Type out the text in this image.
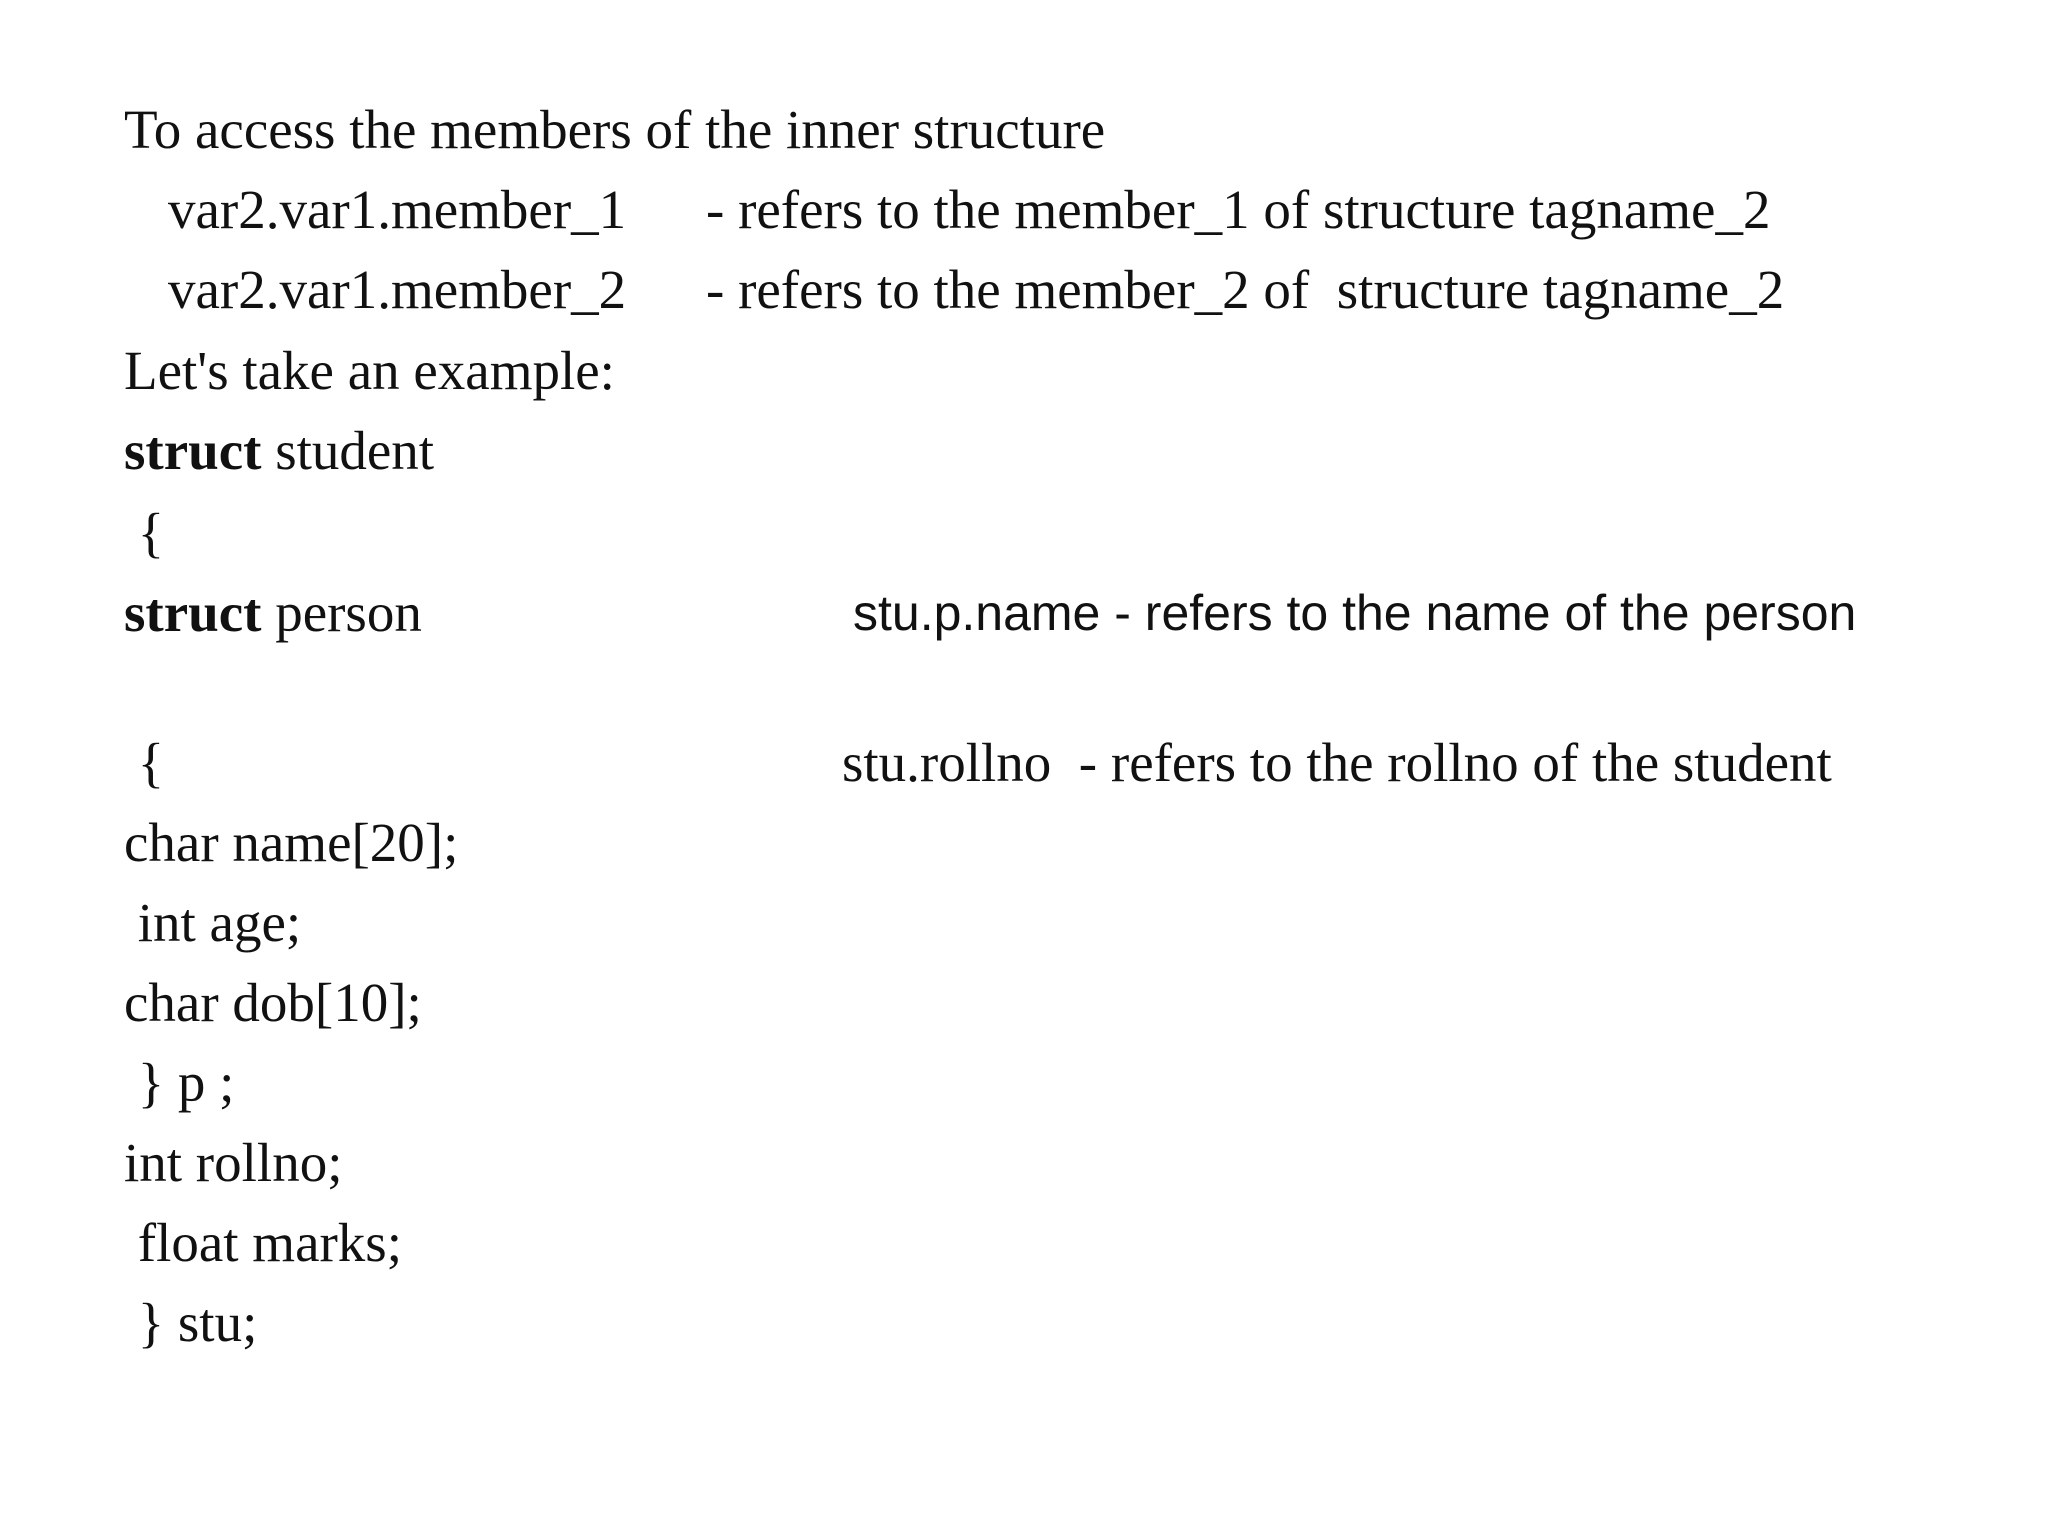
To access the members of the inner structure
var2.var1.member_1 - refers to the member_1 of structure tagname_2
var2.var1.member_2 - refers to the member_2 of  structure tagname_2
Let's take an example:
struct student
{
struct person	stu.p.name - refers to the name of the person
{	stu.rollno  - refers to the rollno of the student
char name[20];
int age;
char dob[10];
} p ;
int rollno;
float marks;
} stu;
